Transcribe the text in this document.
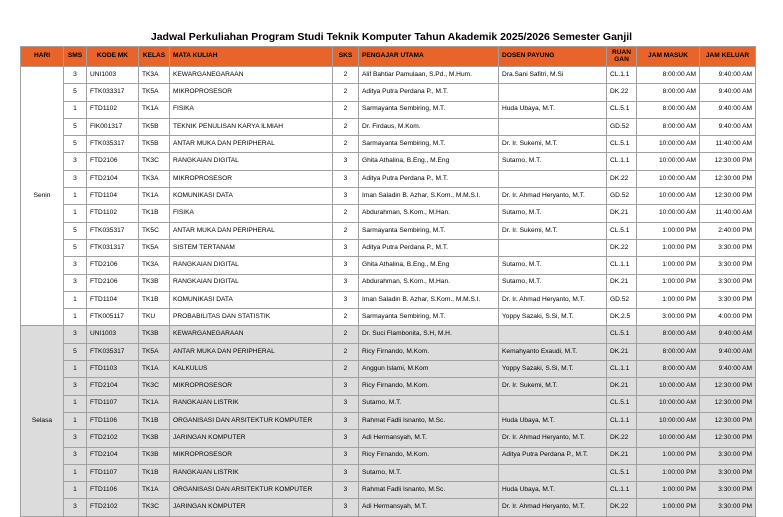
Jadwal Perkuliahan Program Studi Teknik Komputer Tahun Akademik 2025/2026 Semester Ganjil
HARI	SMS	KODE MK	KELAS	MATA KULIAH	SKS	PENGAJAR UTAMA	DOSEN PAYUNG	RUAN GAN	JAM MASUK	JAM KELUAR
Senin	3	UNI1003	TK3A	KEWARGANEGARAAN	2	Alif Bahtiar Pamulaan, S.Pd., M.Hum.	Dra.Sani Safitri, M.Si	CL.1.1	8:00:00 AM	9:40:00 AM
	5	FTK033317	TK5A	MIKROPROSESOR	2	Aditya Putra Perdana P., M.T.		DK.22	8:00:00 AM	9:40:00 AM
	1	FTD1102	TK1A	FISIKA	2	Sarmayanta Sembiring, M.T.	Huda Ubaya, M.T.	CL.5.1	8:00:00 AM	9:40:00 AM
	5	FIK001317	TK5B	TEKNIK PENULISAN KARYA ILMIAH	2	Dr. Firdaus, M.Kom.		GD.52	8:00:00 AM	9:40:00 AM
	5	FTK035317	TK5B	ANTAR MUKA DAN PERIPHERAL	2	Sarmayanta Sembiring, M.T.	Dr. Ir. Sukemi, M.T.	CL.5.1	10:00:00 AM	11:40:00 AM
	3	FTD2106	TK3C	RANGKAIAN DIGITAL	3	Ghita Athalina, B.Eng., M.Eng	Sutarno, M.T.	CL.1.1	10:00:00 AM	12:30:00 PM
	3	FTD2104	TK3A	MIKROPROSESOR	3	Aditya Putra Perdana P., M.T.		DK.22	10:00:00 AM	12:30:00 PM
	1	FTD1104	TK1A	KOMUNIKASI DATA	3	Iman Saladin B. Azhar, S.Kom., M.M.S.I.	Dr. Ir. Ahmad Heryanto, M.T.	GD.52	10:00:00 AM	12:30:00 PM
	1	FTD1102	TK1B	FISIKA	2	Abdurahman, S.Kom., M.Han.	Sutarno, M.T.	DK.21	10:00:00 AM	11:40:00 AM
	5	FTK035317	TK5C	ANTAR MUKA DAN PERIPHERAL	2	Sarmayanta Sembiring, M.T.	Dr. Ir. Sukemi, M.T.	CL.5.1	1:00:00 PM	2:40:00 PM
	5	FTK031317	TK5A	SISTEM TERTANAM	3	Aditya Putra Perdana P., M.T.		DK.22	1:00:00 PM	3:30:00 PM
	3	FTD2106	TK3A	RANGKAIAN DIGITAL	3	Ghita Athalina, B.Eng., M.Eng	Sutarno, M.T.	CL.1.1	1:00:00 PM	3:30:00 PM
	3	FTD2106	TK3B	RANGKAIAN DIGITAL	3	Abdurahman, S.Kom., M.Han.	Sutarno, M.T.	DK.21	1:00:00 PM	3:30:00 PM
	1	FTD1104	TK1B	KOMUNIKASI DATA	3	Iman Saladin B. Azhar, S.Kom., M.M.S.I.	Dr. Ir. Ahmad Heryanto, M.T.	GD.52	1:00:00 PM	3:30:00 PM
	1	FTK005117	TKU	PROBABILITAS DAN STATISTIK	2	Sarmayanta Sembiring, M.T.	Yoppy Sazaki, S.Si, M.T.	DK.2.5	3:00:00 PM	4:00:00 PM
Selasa	3	UNI1003	TK3B	KEWARGANEGARAAN	2	Dr. Suci Flambonita, S.H, M.H.		CL.5.1	8:00:00 AM	9:40:00 AM
	5	FTK035317	TK5A	ANTAR MUKA DAN PERIPHERAL	2	Ricy Firnando, M.Kom.	Kemahyanto Exaudi, M.T.	DK.21	8:00:00 AM	9:40:00 AM
	1	FTD1103	TK1A	KALKULUS	2	Anggun Islami, M.Kom	Yoppy Sazaki, S.Si, M.T.	CL.1.1	8:00:00 AM	9:40:00 AM
	3	FTD2104	TK3C	MIKROPROSESOR	3	Ricy Firnando, M.Kom.	Dr. Ir. Sukemi, M.T.	DK.21	10:00:00 AM	12:30:00 PM
	1	FTD1107	TK1A	RANGKAIAN LISTRIK	3	Sutarno, M.T.		CL.5.1	10:00:00 AM	12:30:00 PM
	1	FTD1106	TK1B	ORGANISASI DAN ARSITEKTUR KOMPUTER	3	Rahmat Fadli Isnanto, M.Sc.	Huda Ubaya, M.T.	CL.1.1	10:00:00 AM	12:30:00 PM
	3	FTD2102	TK3B	JARINGAN KOMPUTER	3	Adi Hermansyah, M.T.	Dr. Ir. Ahmad Heryanto, M.T.	DK.22	10:00:00 AM	12:30:00 PM
	3	FTD2104	TK3B	MIKROPROSESOR	3	Ricy Firnando, M.Kom.	Aditya Putra Perdana P., M.T.	DK.21	1:00:00 PM	3:30:00 PM
	1	FTD1107	TK1B	RANGKAIAN LISTRIK	3	Sutarno, M.T.		CL.5.1	1:00:00 PM	3:30:00 PM
	1	FTD1106	TK1A	ORGANISASI DAN ARSITEKTUR KOMPUTER	3	Rahmat Fadli Isnanto, M.Sc.	Huda Ubaya, M.T.	CL.1.1	1:00:00 PM	3:30:00 PM
	3	FTD2102	TK3C	JARINGAN KOMPUTER	3	Adi Hermansyah, M.T.	Dr. Ir. Ahmad Heryanto, M.T.	DK.22	1:00:00 PM	3:30:00 PM
